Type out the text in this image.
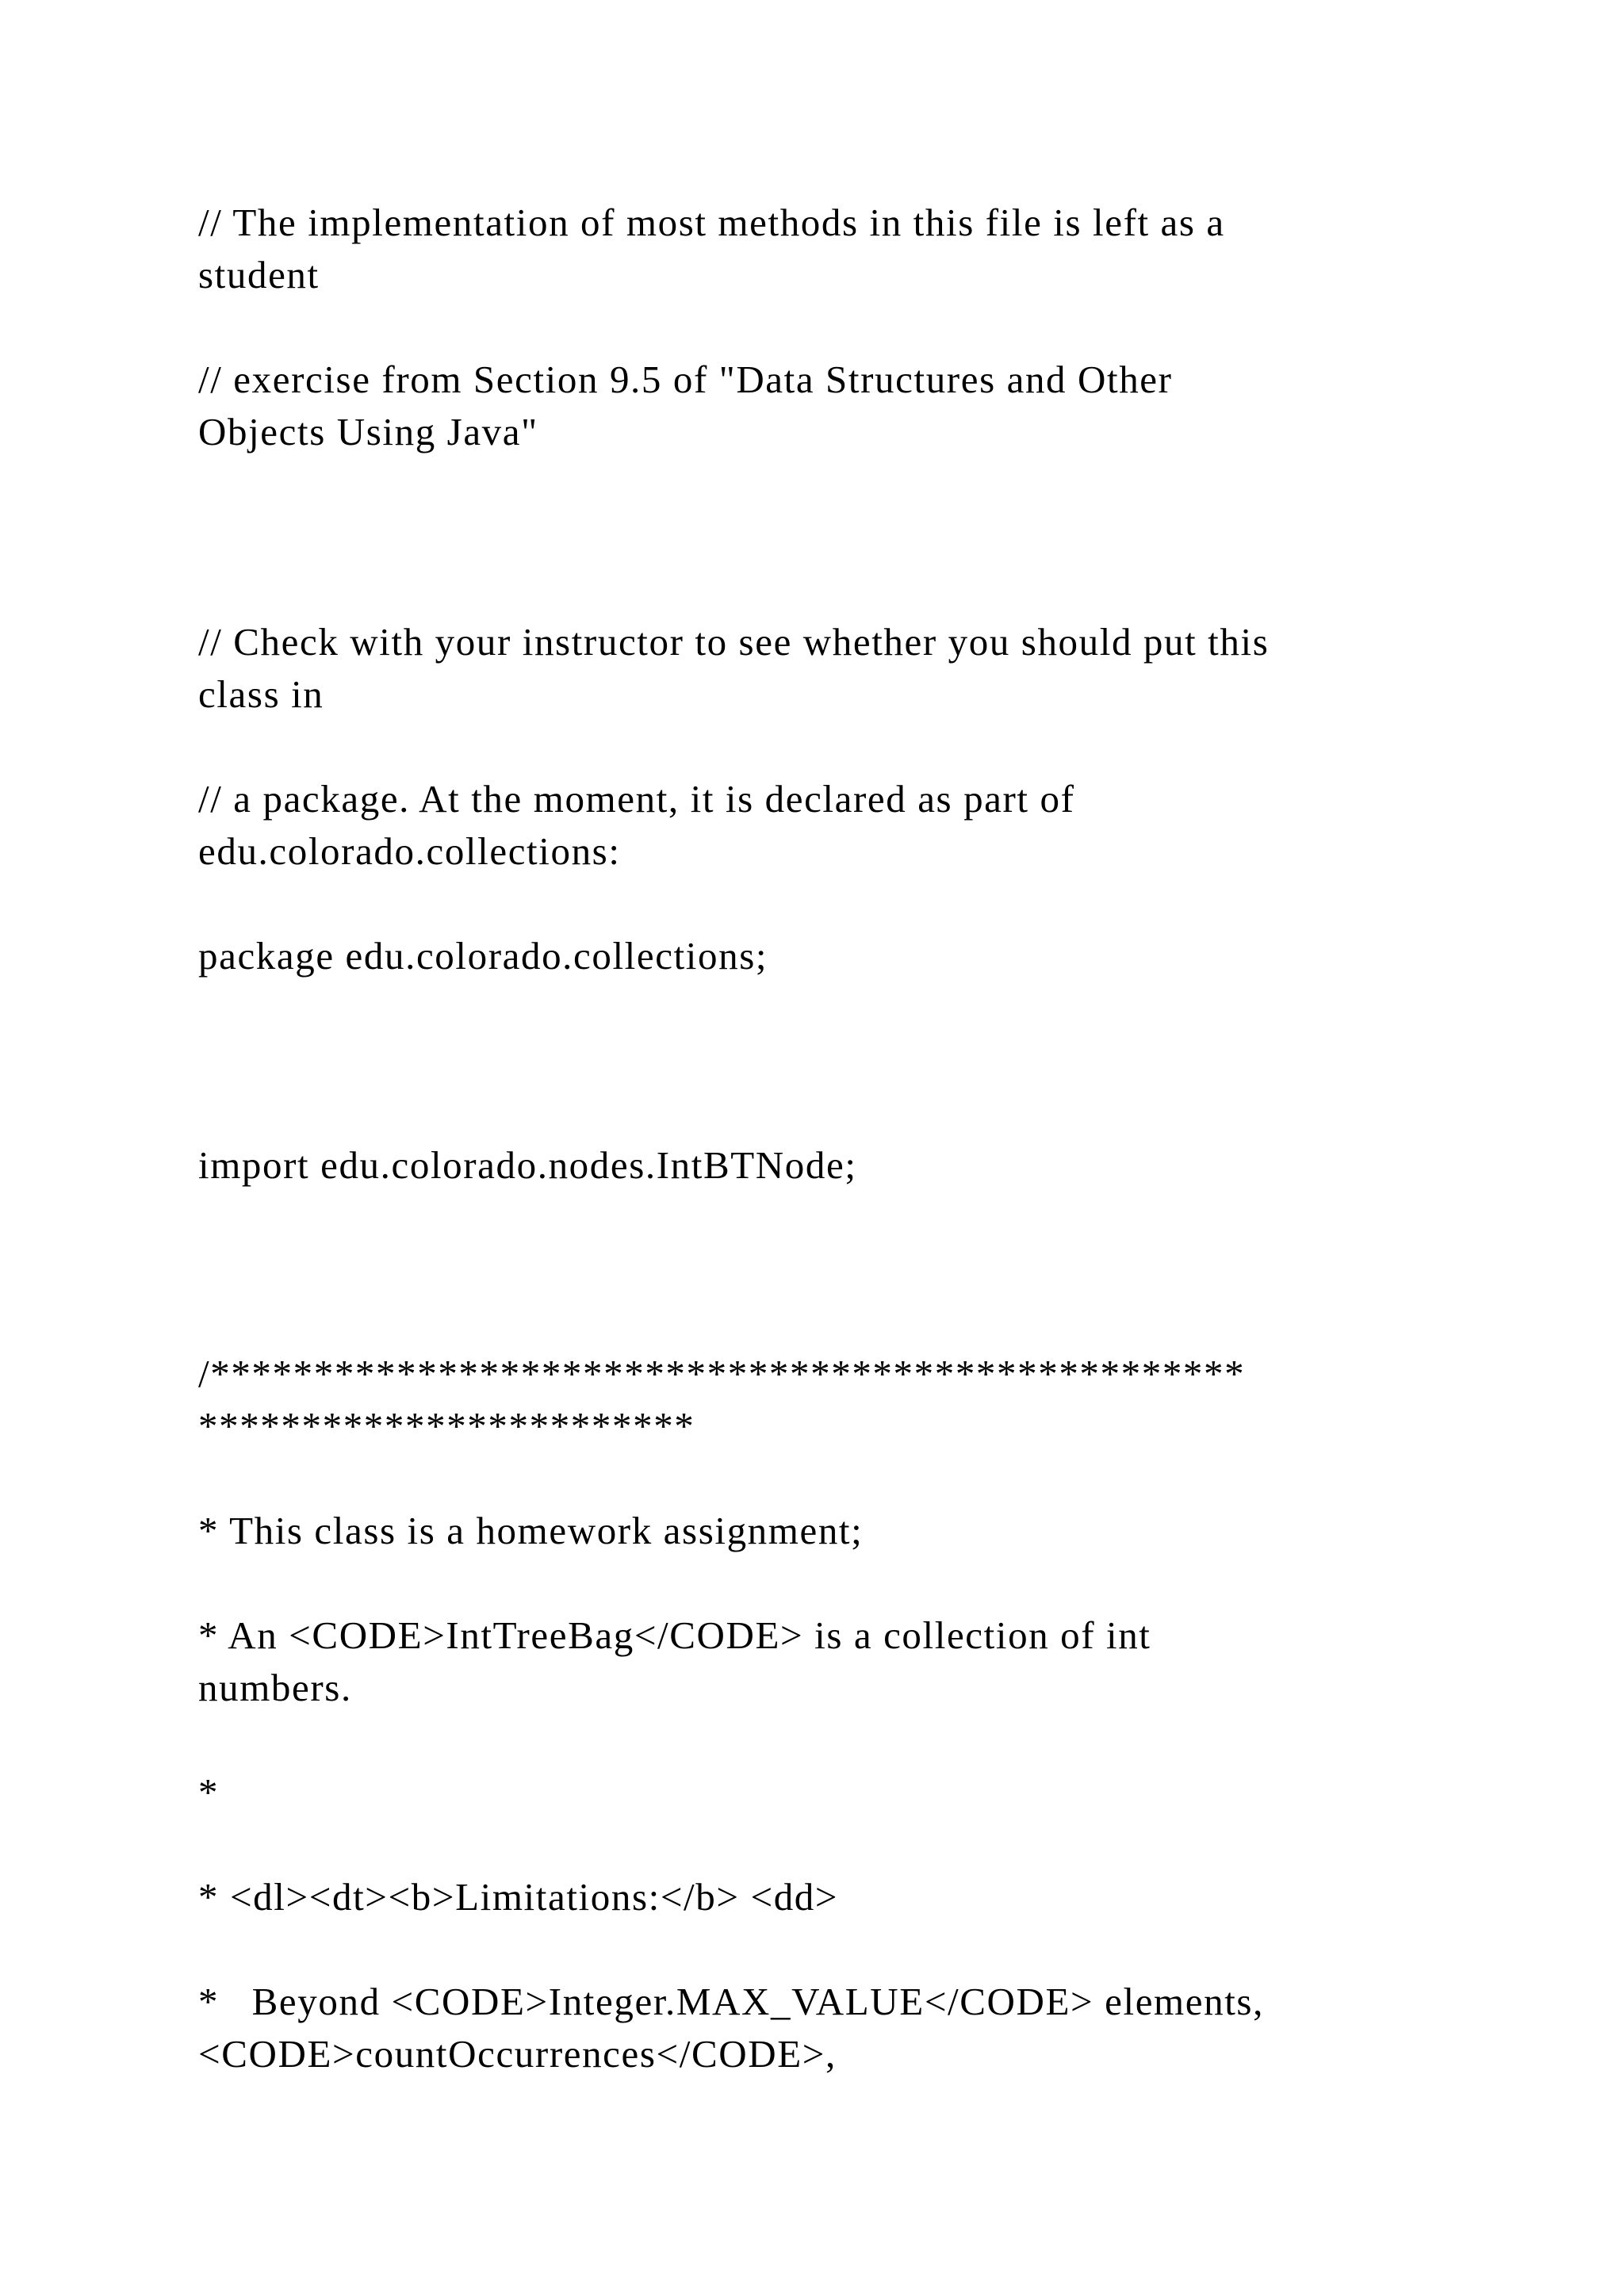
// The implementation of most methods in this file is left as a

student

// exercise from Section 9.5 of "Data Structures and Other

Objects Using Java"

// Check with your instructor to see whether you should put this

class in

// a package. At the moment, it is declared as part of

edu.colorado.collections:

package edu.colorado.collections;

import edu.colorado.nodes.IntBTNode;

/**************************************************

************************

* This class is a homework assignment;

* An <CODE>IntTreeBag</CODE> is a collection of int

numbers.

*

* <dl><dt><b>Limitations:</b> <dd>

*   Beyond <CODE>Integer.MAX_VALUE</CODE> elements,

<CODE>countOccurrences</CODE>,
